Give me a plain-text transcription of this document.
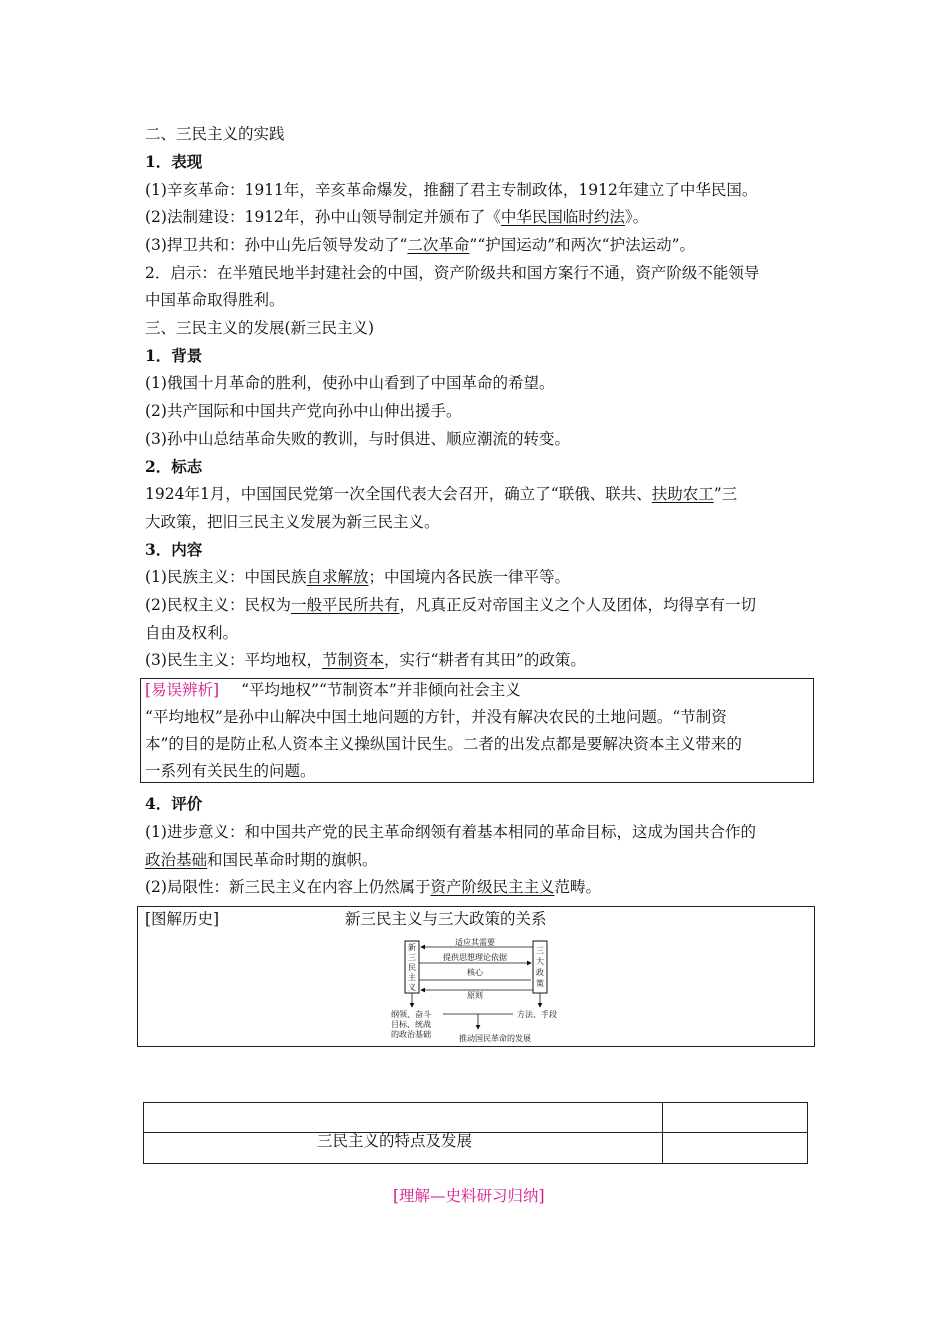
二、三民主义的实践
1．表现
(1)辛亥革命：1911年，辛亥革命爆发，推翻了君主专制政体，1912年建立了中华民国。
(2)法制建设：1912年，孙中山领导制定并颁布了《中华民国临时约法》。
(3)捍卫共和：孙中山先后领导发动了“二次革命”“护国运动”和两次“护法运动”。
2．启示：在半殖民地半封建社会的中国，资产阶级共和国方案行不通，资产阶级不能领导
中国革命取得胜利。
三、三民主义的发展(新三民主义)
1．背景
(1)俄国十月革命的胜利，使孙中山看到了中国革命的希望。
(2)共产国际和中国共产党向孙中山伸出援手。
(3)孙中山总结革命失败的教训，与时俱进、顺应潮流的转变。
2．标志
1924年1月，中国国民党第一次全国代表大会召开，确立了“联俄、联共、扶助农工”三
大政策，把旧三民主义发展为新三民主义。
3．内容
(1)民族主义：中国民族自求解放；中国境内各民族一律平等。
(2)民权主义：民权为一般平民所共有，凡真正反对帝国主义之个人及团体，均得享有一切
自由及权利。
(3)民生主义：平均地权，节制资本，实行“耕者有其田”的政策。
[易误辨析] “平均地权”“节制资本”并非倾向社会主义
“平均地权”是孙中山解决中国土地问题的方针，并没有解决农民的土地问题。“节制资
本”的目的是防止私人资本主义操纵国计民生。二者的出发点都是要解决资本主义带来的
一系列有关民生的问题。
4．评价
(1)进步意义：和中国共产党的民主革命纲领有着基本相同的革命目标，这成为国共合作的
政治基础和国民革命时期的旗帜。
(2)局限性：新三民主义在内容上仍然属于资产阶级民主主义范畴。
[图解历史]	新三民主义与三大政策的关系
新
三
民
主
义
三
大
政
策
适应其需要
提供思想理论依据
核心
原则
纲领、奋斗
目标、统战
的政治基础
方法、手段
推动国民革命的发展
三民主义的特点及发展
[理解—史料研习归纳]
